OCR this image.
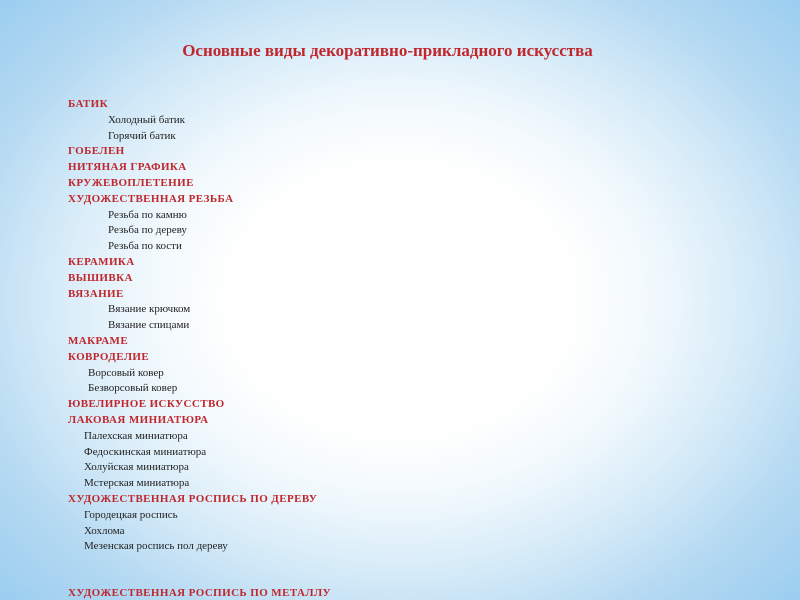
Основные виды декоративно-прикладного искусства
БАТИК
Холодный батик
Горячий батик
ГОБЕЛЕН
НИТЯНАЯ ГРАФИКА
КРУЖЕВОПЛЕТЕНИЕ
ХУДОЖЕСТВЕННАЯ РЕЗЬБА
Резьба по камню
Резьба по дереву
Резьба по кости
КЕРАМИКА
ВЫШИВКА
ВЯЗАНИЕ
Вязание крючком
Вязание спицами
МАКРАМЕ
КОВРОДЕЛИЕ
Ворсовый ковер
Безворсовый ковер
ЮВЕЛИРНОЕ ИСКУССТВО
ЛАКОВАЯ МИНИАТЮРА
Палехская миниатюра
Федоскинская миниатюра
Холуйская миниатюра
Мстерская миниатюра
ХУДОЖЕСТВЕННАЯ РОСПИСЬ ПО ДЕРЕВУ
Городецкая роспись
Хохлома
Мезенская роспись пол дереву
ХУДОЖЕСТВЕННАЯ РОСПИСЬ ПО МЕТАЛЛУ
